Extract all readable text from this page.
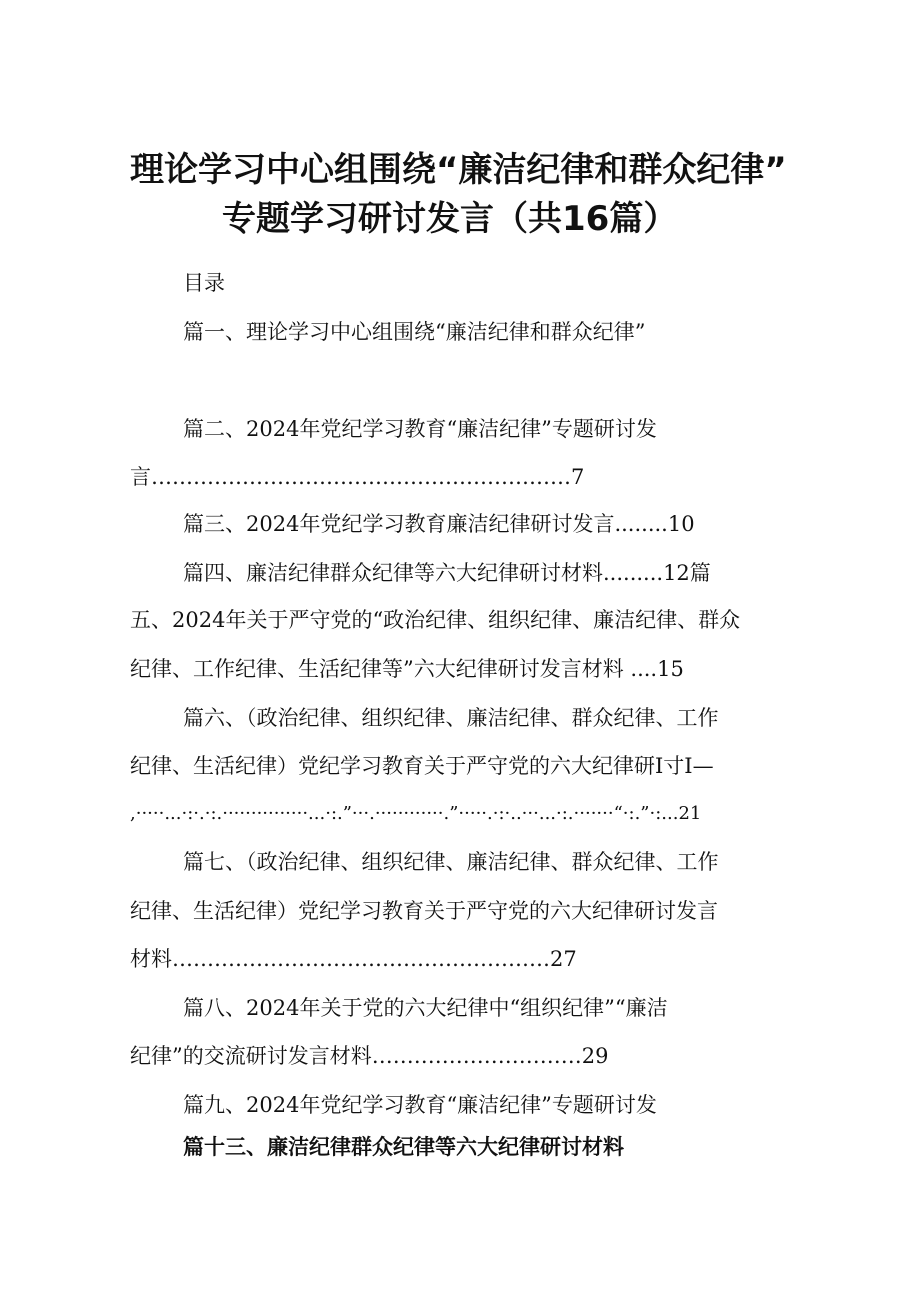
理论学习中心组围绕“廉洁纪律和群众纪律”
专题学习研讨发言（共16篇）
目录
篇一、理论学习中心组围绕“廉洁纪律和群众纪律”
篇二、2024年党纪学习教育“廉洁纪律”专题研讨发
言……………………………………………………7
篇三、2024年党纪学习教育廉洁纪律研讨发言........10
篇四、廉洁纪律群众纪律等六大纪律研讨材料.........12篇
五、2024年关于严守党的“政治纪律、组织纪律、廉洁纪律、群众
纪律、工作纪律、生活纪律等”六大纪律研讨发言材料 ....15
篇六、（政治纪律、组织纪律、廉洁纪律、群众纪律、工作
纪律、生活纪律）党纪学习教育关于严守党的六大纪律研I寸I—
,·····...·:·.·:.···············...·:.”···.············.”·····.·:·..···...·:.·······“·:.”·:...21
篇七、（政治纪律、组织纪律、廉洁纪律、群众纪律、工作
纪律、生活纪律）党纪学习教育关于严守党的六大纪律研讨发言
材料………………………………………………27
篇八、2024年关于党的六大纪律中“组织纪律”“廉洁
纪律”的交流研讨发言材料…………………………29
篇九、2024年党纪学习教育“廉洁纪律”专题研讨发
篇十三、廉洁纪律群众纪律等六大纪律研讨材料
